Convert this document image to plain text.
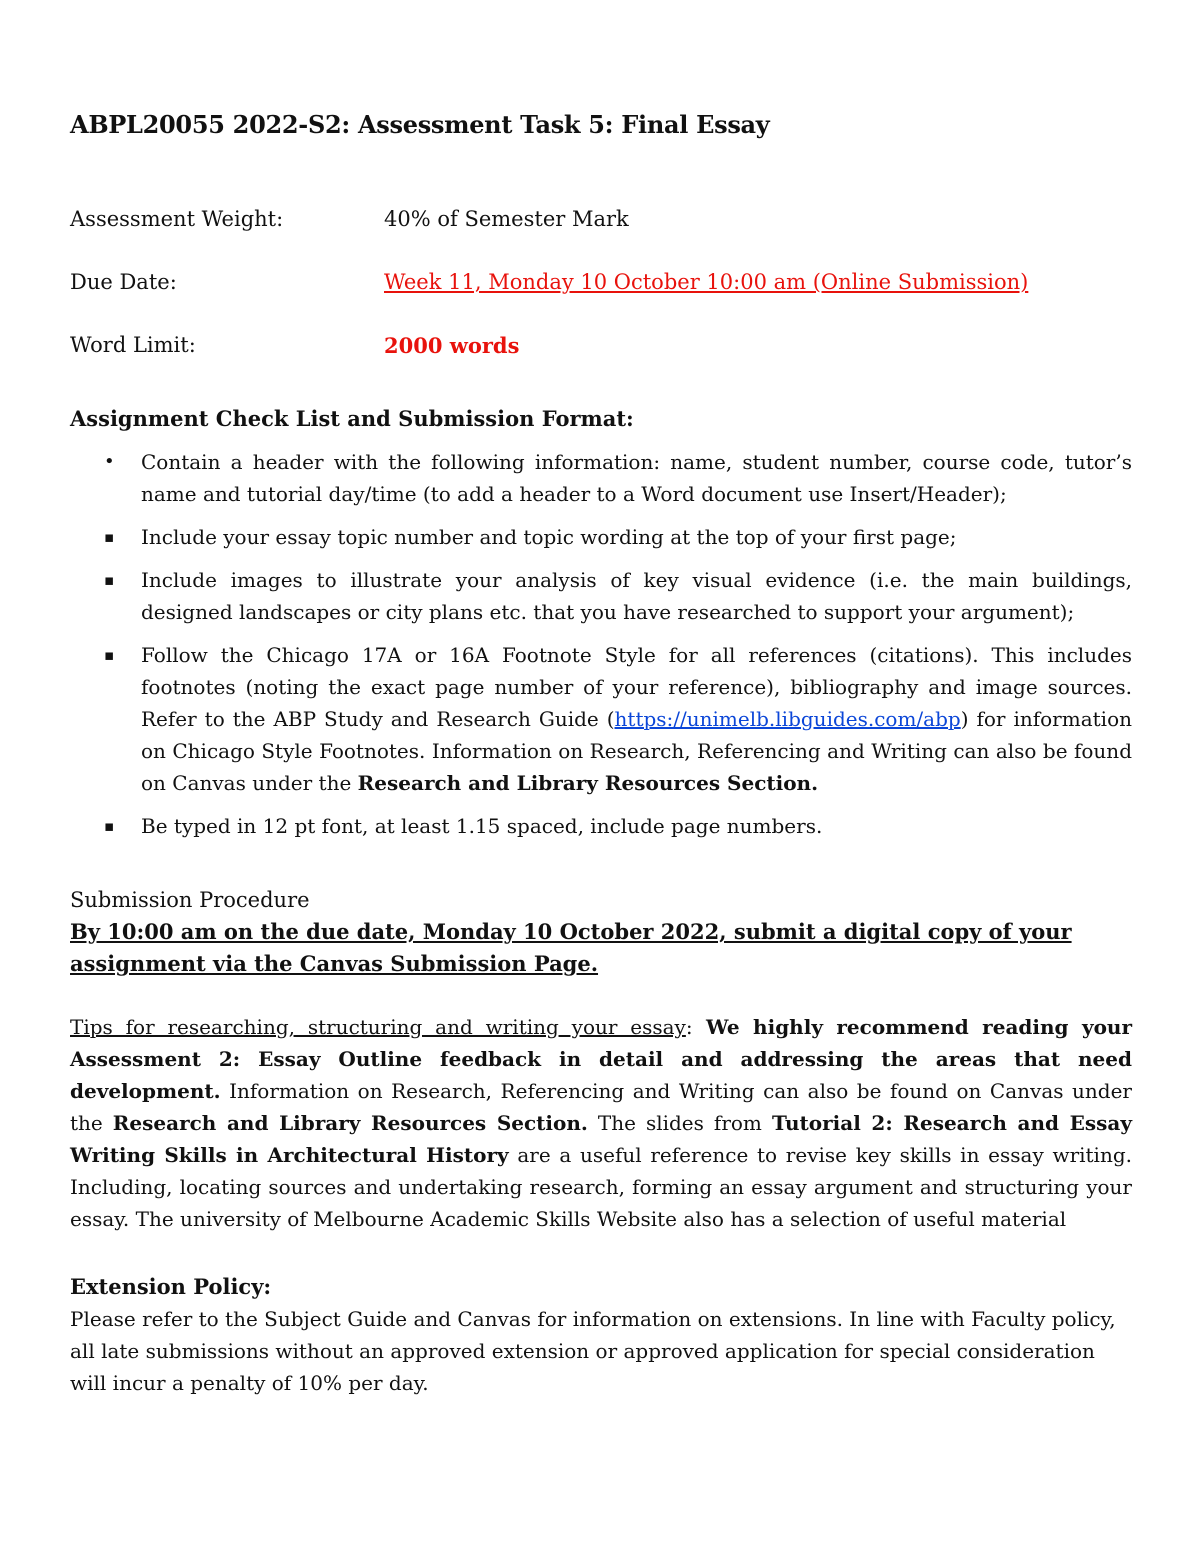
ABPL20055 2022-S2: Assessment Task 5: Final Essay
Assessment Weight:	40% of Semester Mark
Due Date:	Week 11, Monday 10 October 10:00 am (Online Submission)
Word Limit:	2000 words
Assignment Check List and Submission Format:
• Contain a header with the following information: name, student number, course code, tutor’s name and tutorial day/time (to add a header to a Word document use Insert/Header);
▪ Include your essay topic number and topic wording at the top of your first page;
▪ Include images to illustrate your analysis of key visual evidence (i.e. the main buildings, designed landscapes or city plans etc. that you have researched to support your argument);
▪ Follow the Chicago 17A or 16A Footnote Style for all references (citations). This includes footnotes (noting the exact page number of your reference), bibliography and image sources. Refer to the ABP Study and Research Guide (https://unimelb.libguides.com/abp) for information on Chicago Style Footnotes. Information on Research, Referencing and Writing can also be found on Canvas under the Research and Library Resources Section.
▪ Be typed in 12 pt font, at least 1.15 spaced, include page numbers.
Submission Procedure
By 10:00 am on the due date, Monday 10 October 2022, submit a digital copy of your assignment via the Canvas Submission Page.
Tips for researching, structuring and writing your essay: We highly recommend reading your Assessment 2: Essay Outline feedback in detail and addressing the areas that need development. Information on Research, Referencing and Writing can also be found on Canvas under the Research and Library Resources Section. The slides from Tutorial 2: Research and Essay Writing Skills in Architectural History are a useful reference to revise key skills in essay writing. Including, locating sources and undertaking research, forming an essay argument and structuring your essay. The university of Melbourne Academic Skills Website also has a selection of useful material
Extension Policy:
Please refer to the Subject Guide and Canvas for information on extensions. In line with Faculty policy, all late submissions without an approved extension or approved application for special consideration will incur a penalty of 10% per day.
